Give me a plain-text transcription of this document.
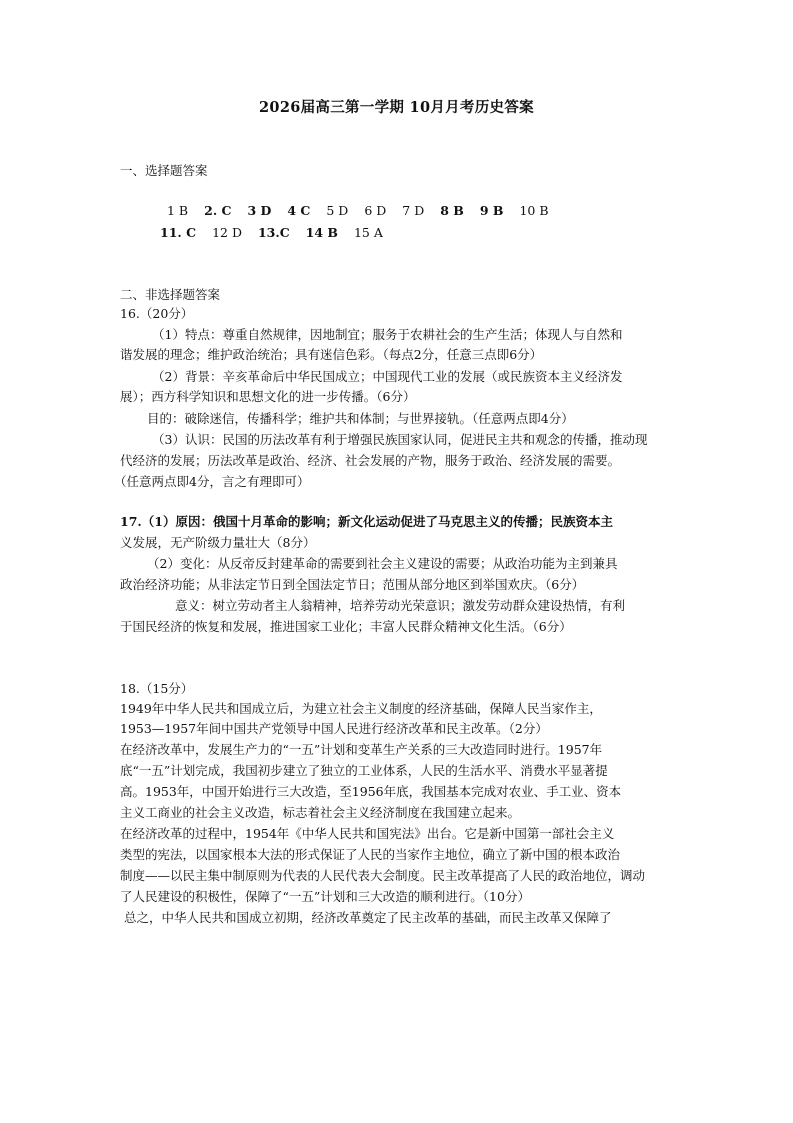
2026届高三第一学期 10月月考历史答案
一、选择题答案
1 B 2. C 3 D 4 C 5 D 6 D 7 D 8 B 9 B 10 B
11. C 12 D 13.C 14 B 15 A
二、非选择题答案
16.（20分）
（1）特点：尊重自然规律，因地制宜；服务于农耕社会的生产生活；体现人与自然和
谐发展的理念；维护政治统治；具有迷信色彩。（每点2分，任意三点即6分）
（2）背景：辛亥革命后中华民国成立；中国现代工业的发展（或民族资本主义经济发
展）；西方科学知识和思想文化的进一步传播。（6分）
目的：破除迷信，传播科学；维护共和体制；与世界接轨。（任意两点即4分）
（3）认识：民国的历法改革有利于增强民族国家认同，促进民主共和观念的传播，推动现
代经济的发展；历法改革是政治、经济、社会发展的产物，服务于政治、经济发展的需要。
（任意两点即4分，言之有理即可）
17.（1）原因：俄国十月革命的影响；新文化运动促进了马克思主义的传播；民族资本主
义发展，无产阶级力量壮大（8分）
（2）变化：从反帝反封建革命的需要到社会主义建设的需要；从政治功能为主到兼具
政治经济功能；从非法定节日到全国法定节日；范围从部分地区到举国欢庆。（6分）
意义：树立劳动者主人翁精神，培养劳动光荣意识；激发劳动群众建设热情，有利
于国民经济的恢复和发展，推进国家工业化；丰富人民群众精神文化生活。（6分）
18.（15分）
1949年中华人民共和国成立后，为建立社会主义制度的经济基础，保障人民当家作主，
1953—1957年间中国共产党领导中国人民进行经济改革和民主改革。（2分）
在经济改革中，发展生产力的“一五”计划和变革生产关系的三大改造同时进行。1957年
底“一五”计划完成，我国初步建立了独立的工业体系，人民的生活水平、消费水平显著提
高。1953年，中国开始进行三大改造，至1956年底，我国基本完成对农业、手工业、资本
主义工商业的社会主义改造，标志着社会主义经济制度在我国建立起来。
在经济改革的过程中，1954年《中华人民共和国宪法》出台。它是新中国第一部社会主义
类型的宪法，以国家根本大法的形式保证了人民的当家作主地位，确立了新中国的根本政治
制度——以民主集中制原则为代表的人民代表大会制度。民主改革提高了人民的政治地位，调动
了人民建设的积极性，保障了“一五”计划和三大改造的顺利进行。（10分）
总之，中华人民共和国成立初期，经济改革奠定了民主改革的基础，而民主改革又保障了
